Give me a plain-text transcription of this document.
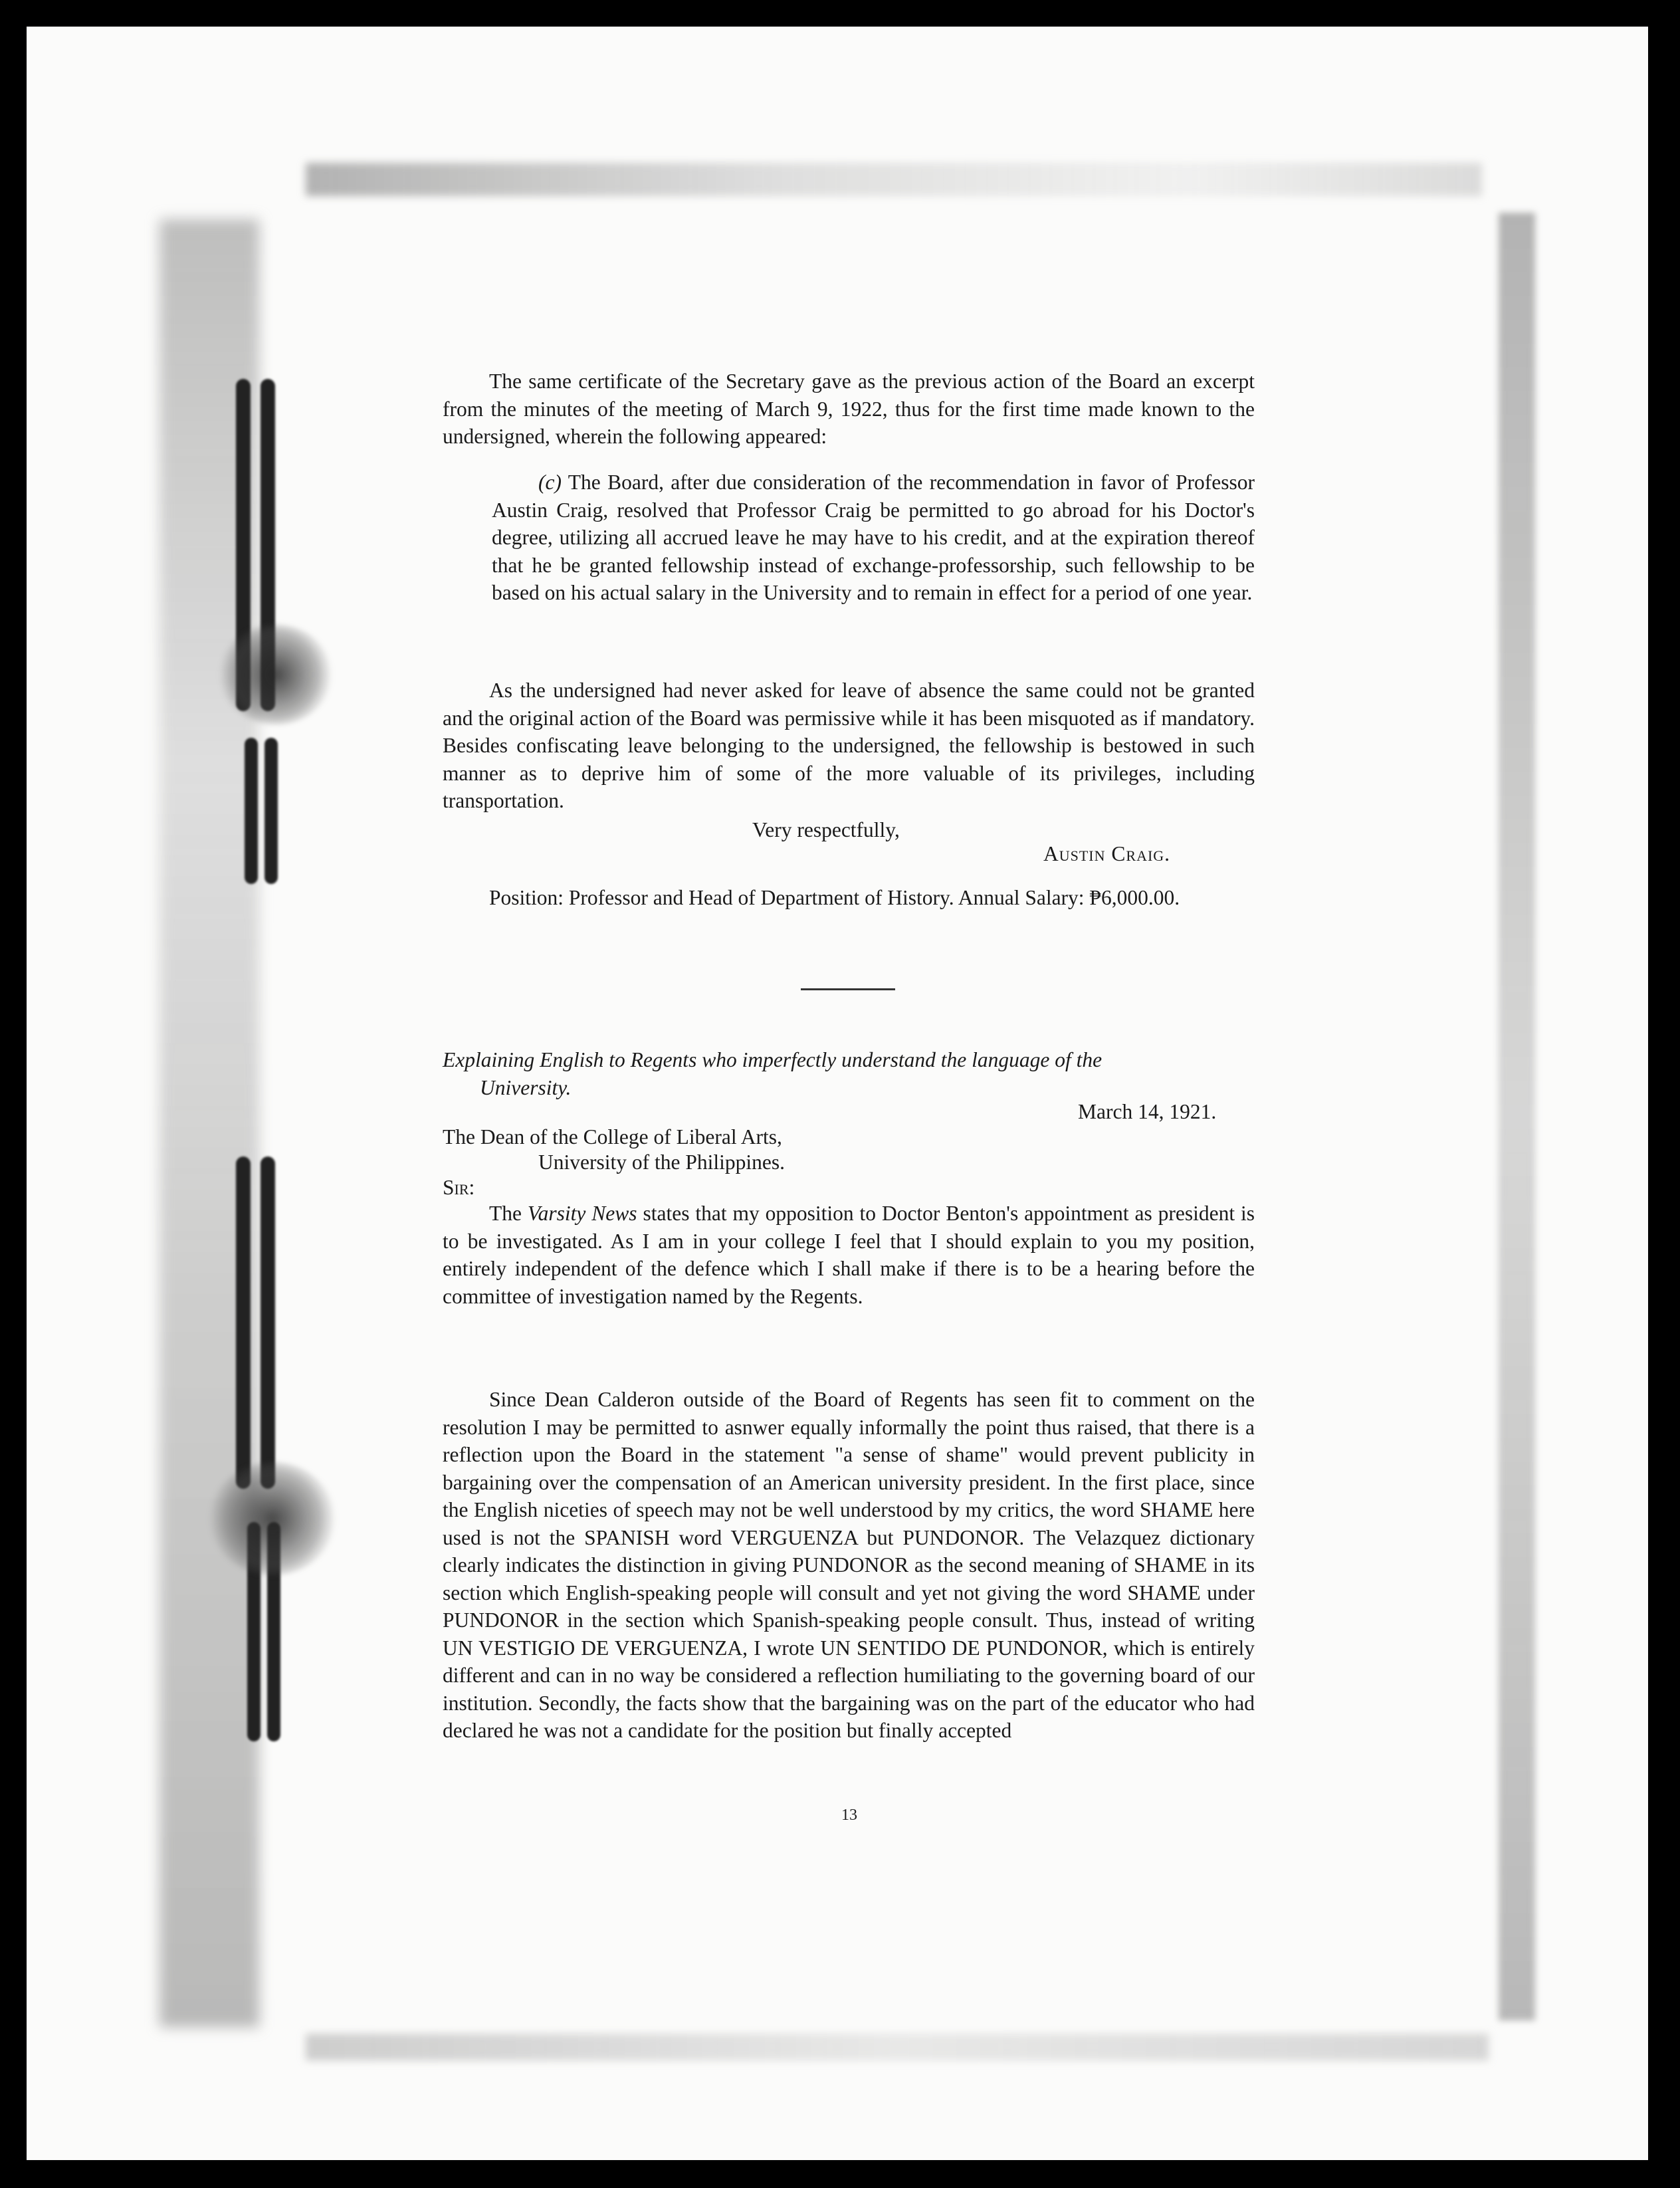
The same certificate of the Secretary gave as the previous action of the Board an excerpt from the minutes of the meeting of March 9, 1922, thus for the first time made known to the undersigned, wherein the following appeared:

(c) The Board, after due consideration of the recommendation in favor of Professor Austin Craig, resolved that Professor Craig be permitted to go abroad for his Doctor's degree, utilizing all accrued leave he may have to his credit, and at the expiration thereof that he be granted fellowship instead of exchange-professorship, such fellowship to be based on his actual salary in the University and to remain in effect for a period of one year.

As the undersigned had never asked for leave of absence the same could not be granted and the original action of the Board was permissive while it has been misquoted as if mandatory. Besides confiscating leave belonging to the undersigned, the fellowship is bestowed in such manner as to deprive him of some of the more valuable of its privileges, including transportation.

Very respectfully,
Austin Craig.

Position: Professor and Head of Department of History. Annual Salary: ₱6,000.00.

Explaining English to Regents who imperfectly understand the language of the
University.
March 14, 1921.
The Dean of the College of Liberal Arts,
University of the Philippines.
Sir:

The Varsity News states that my opposition to Doctor Benton's appointment as president is to be investigated. As I am in your college I feel that I should explain to you my position, entirely independent of the defence which I shall make if there is to be a hearing before the committee of investigation named by the Regents.

Since Dean Calderon outside of the Board of Regents has seen fit to comment on the resolution I may be permitted to asnwer equally informally the point thus raised, that there is a reflection upon the Board in the statement "a sense of shame" would prevent publicity in bargaining over the compensation of an American university president. In the first place, since the English niceties of speech may not be well understood by my critics, the word SHAME here used is not the SPANISH word VERGUENZA but PUNDONOR. The Velazquez dictionary clearly indicates the distinction in giving PUNDONOR as the second meaning of SHAME in its section which English-speaking people will consult and yet not giving the word SHAME under PUNDONOR in the section which Spanish-speaking people consult. Thus, instead of writing UN VESTIGIO DE VERGUENZA, I wrote UN SENTIDO DE PUNDONOR, which is entirely different and can in no way be considered a reflection humiliating to the governing board of our institution. Secondly, the facts show that the bargaining was on the part of the educator who had declared he was not a candidate for the position but finally accepted

13
